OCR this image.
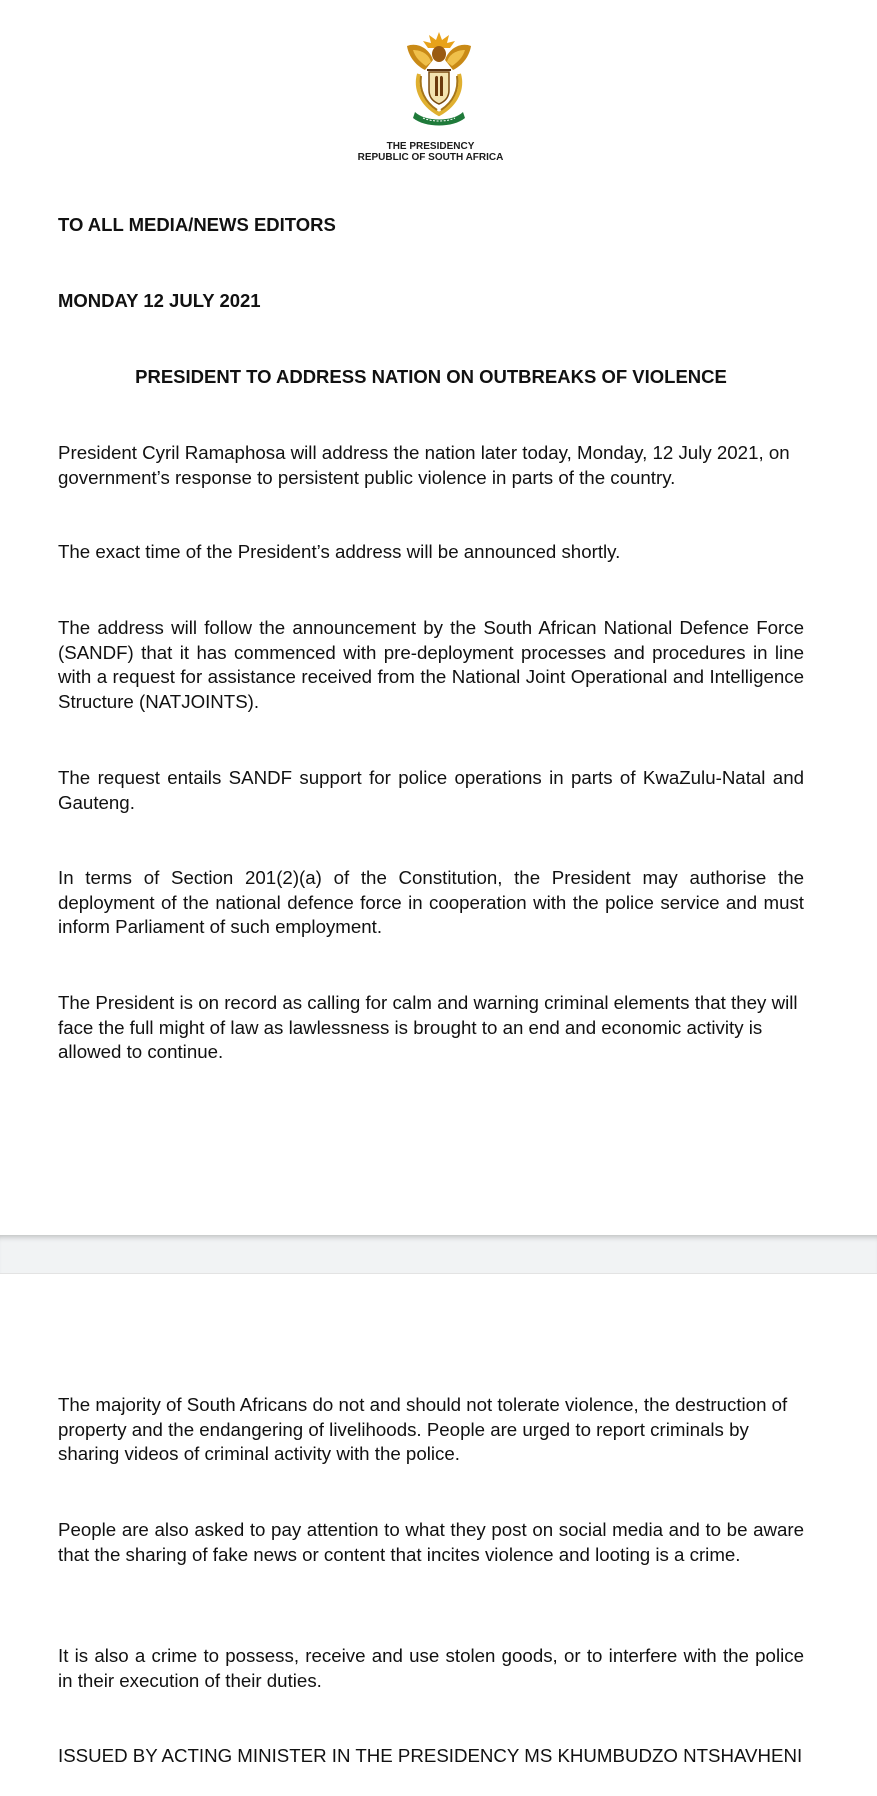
THE PRESIDENCY
REPUBLIC OF SOUTH AFRICA
TO ALL MEDIA/NEWS EDITORS
MONDAY 12 JULY 2021
PRESIDENT TO ADDRESS NATION ON OUTBREAKS OF VIOLENCE
President Cyril Ramaphosa will address the nation later today, Monday, 12 July 2021, on government’s response to persistent public violence in parts of the country.
The exact time of the President’s address will be announced shortly.
The address will follow the announcement by the South African National Defence Force (SANDF) that it has commenced with pre-deployment processes and procedures in line with a request for assistance received from the National Joint Operational and Intelligence Structure (NATJOINTS).
The request entails SANDF support for police operations in parts of KwaZulu-Natal and Gauteng.
In terms of Section 201(2)(a) of the Constitution, the President may authorise the deployment of the national defence force in cooperation with the police service and must inform Parliament of such employment.
The President is on record as calling for calm and warning criminal elements that they will face the full might of law as lawlessness is brought to an end and economic activity is allowed to continue.
The majority of South Africans do not and should not tolerate violence, the destruction of property and the endangering of livelihoods. People are urged to report criminals by sharing videos of criminal activity with the police.
People are also asked to pay attention to what they post on social media and to be aware that the sharing of fake news or content that incites violence and looting is a crime.
It is also a crime to possess, receive and use stolen goods, or to interfere with the police in their execution of their duties.
ISSUED BY ACTING MINISTER IN THE PRESIDENCY MS KHUMBUDZO NTSHAVHENI
